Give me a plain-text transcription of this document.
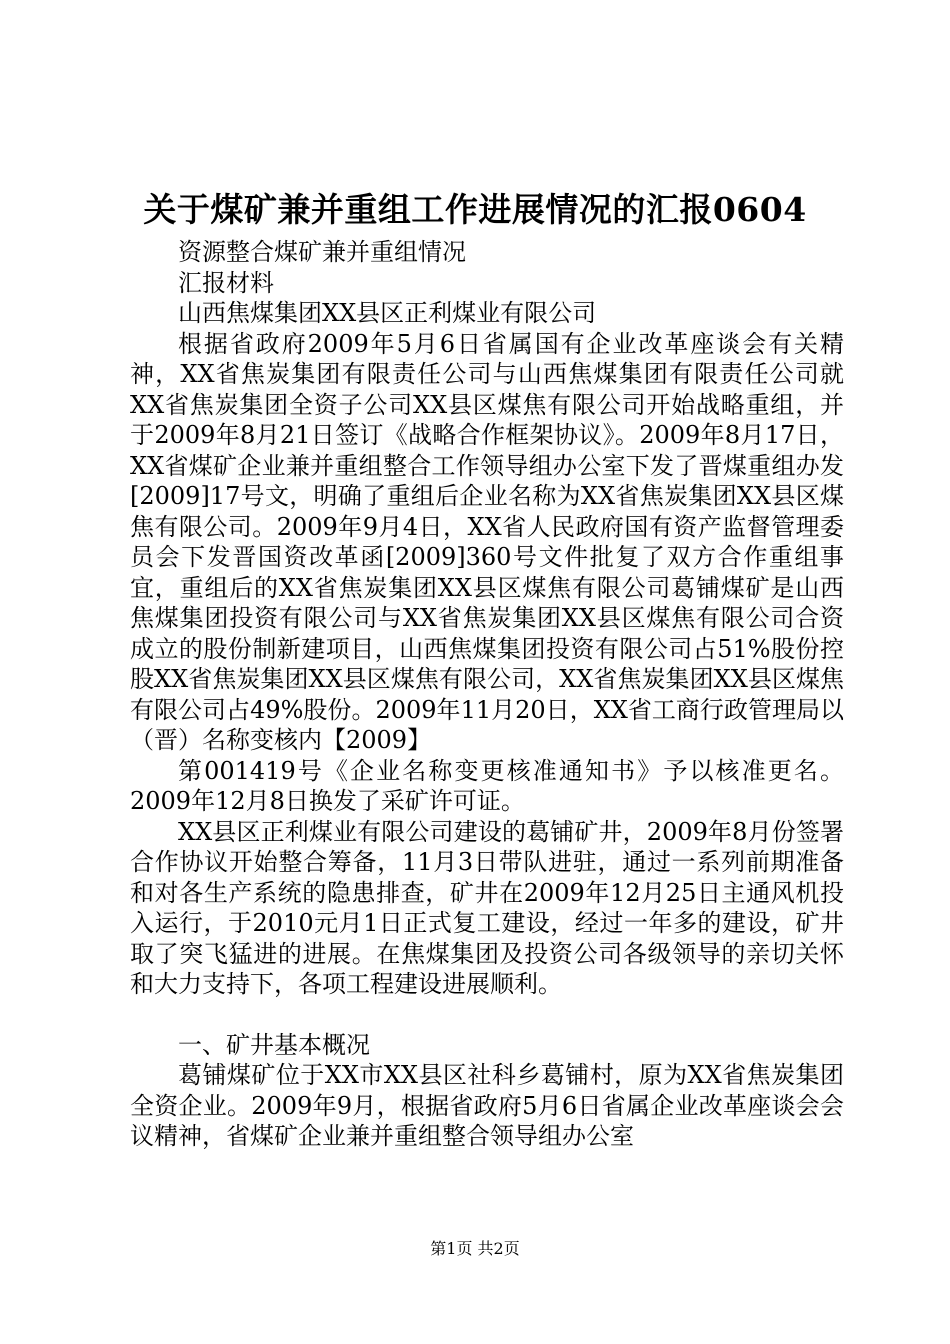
关于煤矿兼并重组工作进展情况的汇报0604

资源整合煤矿兼并重组情况

汇报材料

山西焦煤集团XX县区正利煤业有限公司

根据省政府2009年5月6日省属国有企业改革座谈会有关精神，XX省焦炭集团有限责任公司与山西焦煤集团有限责任公司就XX省焦炭集团全资子公司XX县区煤焦有限公司开始战略重组，并于2009年8月21日签订《战略合作框架协议》。2009年8月17日，XX省煤矿企业兼并重组整合工作领导组办公室下发了晋煤重组办发[2009]17号文，明确了重组后企业名称为XX省焦炭集团XX县区煤焦有限公司。2009年9月4日，XX省人民政府国有资产监督管理委员会下发晋国资改革函[2009]360号文件批复了双方合作重组事宜，重组后的XX省焦炭集团XX县区煤焦有限公司葛铺煤矿是山西焦煤集团投资有限公司与XX省焦炭集团XX县区煤焦有限公司合资成立的股份制新建项目，山西焦煤集团投资有限公司占51%股份控股XX省焦炭集团XX县区煤焦有限公司，XX省焦炭集团XX县区煤焦有限公司占49%股份。2009年11月20日，XX省工商行政管理局以（晋）名称变核内【2009】

第001419号《企业名称变更核准通知书》予以核准更名。2009年12月8日换发了采矿许可证。

XX县区正利煤业有限公司建设的葛铺矿井，2009年8月份签署合作协议开始整合筹备，11月3日带队进驻，通过一系列前期准备和对各生产系统的隐患排查，矿井在2009年12月25日主通风机投入运行，于2010元月1日正式复工建设，经过一年多的建设，矿井取了突飞猛进的进展。在焦煤集团及投资公司各级领导的亲切关怀和大力支持下，各项工程建设进展顺利。

一、矿井基本概况

葛铺煤矿位于XX市XX县区社科乡葛铺村，原为XX省焦炭集团全资企业。2009年9月，根据省政府5月6日省属企业改革座谈会会议精神，省煤矿企业兼并重组整合领导组办公室

第1页 共2页
